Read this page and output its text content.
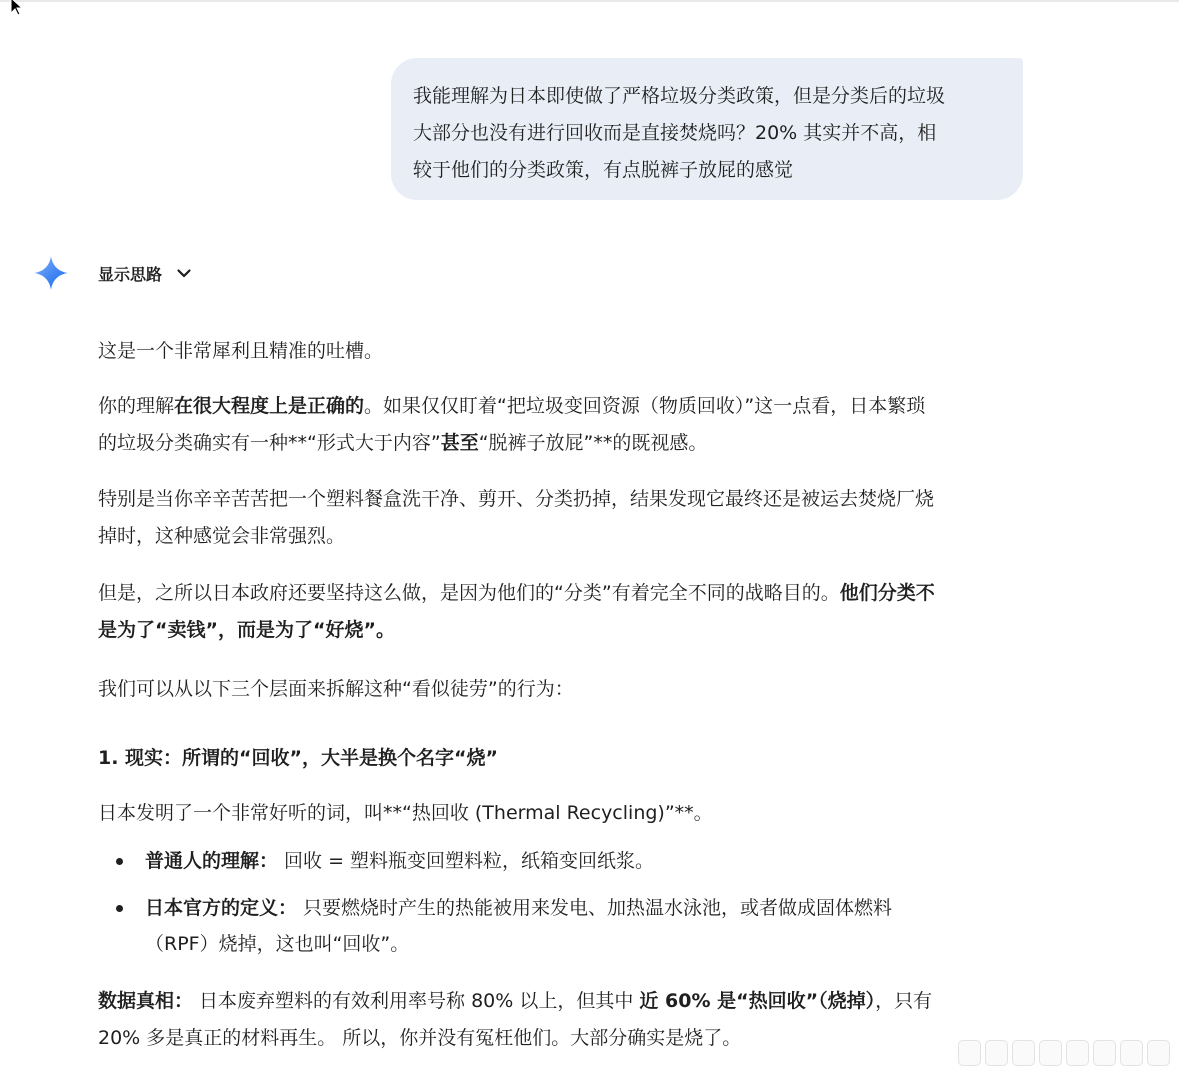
我能理解为日本即使做了严格垃圾分类政策，但是分类后的垃圾

大部分也没有进行回收而是直接焚烧吗？20% 其实并不高，相

较于他们的分类政策，有点脱裤子放屁的感觉

显示思路
这是一个非常犀利且精准的吐槽。
你的理解在很大程度上是正确的。如果仅仅盯着“把垃圾变回资源（物质回收）”这一点看，日本繁琐
的垃圾分类确实有一种**“形式大于内容”甚至“脱裤子放屁”**的既视感。
特别是当你辛辛苦苦把一个塑料餐盒洗干净、剪开、分类扔掉，结果发现它最终还是被运去焚烧厂烧
掉时，这种感觉会非常强烈。
但是，之所以日本政府还要坚持这么做，是因为他们的“分类”有着完全不同的战略目的。他们分类不
是为了“卖钱”，而是为了“好烧”。
我们可以从以下三个层面来拆解这种“看似徒劳”的行为：
1. 现实：所谓的“回收”，大半是换个名字“烧”
日本发明了一个非常好听的词，叫**“热回收 (Thermal Recycling)”**。
普通人的理解： 回收 = 塑料瓶变回塑料粒，纸箱变回纸浆。
日本官方的定义： 只要燃烧时产生的热能被用来发电、加热温水泳池，或者做成固体燃料
（RPF）烧掉，这也叫“回收”。
数据真相： 日本废弃塑料的有效利用率号称 80% 以上，但其中 近 60% 是“热回收”（烧掉），只有
20% 多是真正的材料再生。 所以，你并没有冤枉他们。大部分确实是烧了。
